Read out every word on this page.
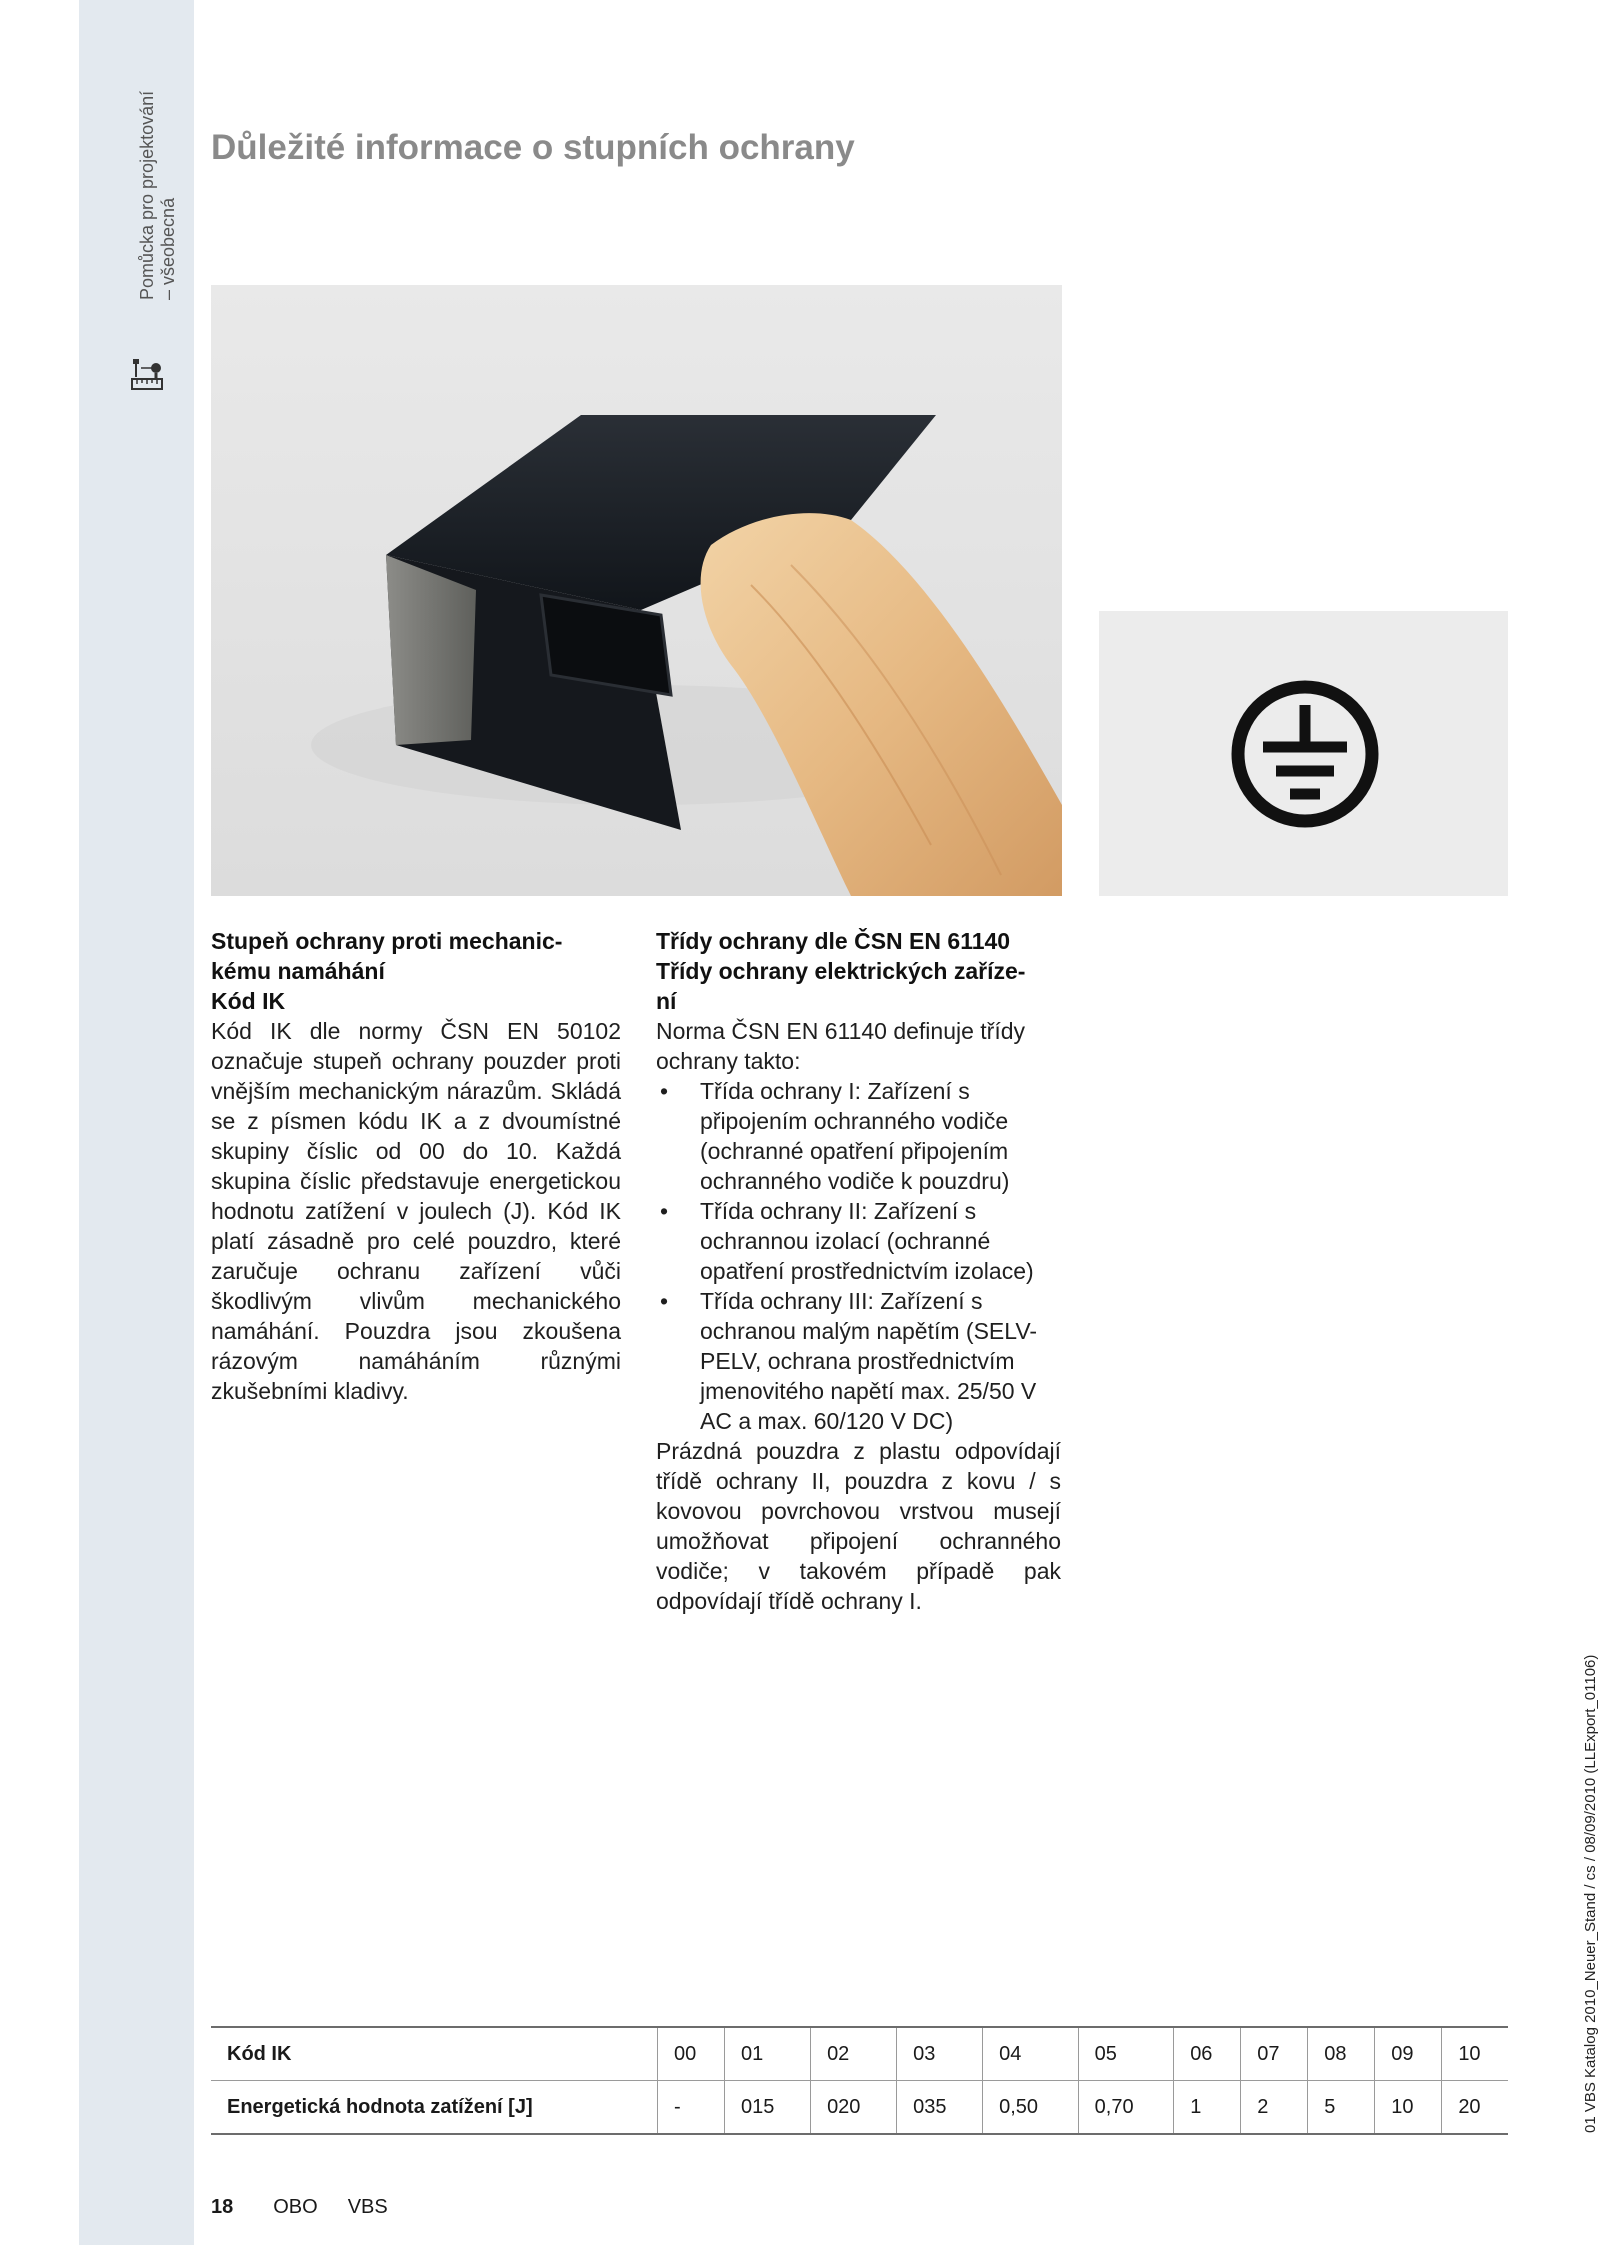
Pomůcka pro projektování – všeobecná
Důležité informace o stupních ochrany

Stupeň ochrany proti mechanic-
kému namáhání
Kód IK

Kód IK dle normy ČSN EN 50102 označuje stupeň ochrany pouzder proti vnějším mechanickým nárazům. Skládá se z písmen kódu IK a z dvoumístné skupiny číslic od 00 do 10. Každá skupina číslic představuje energetickou hodnotu zatížení v joulech (J). Kód IK platí zásadně pro celé pouzdro, které zaručuje ochranu zařízení vůči škodlivým vlivům mechanického namáhání. Pouzdra jsou zkoušena rázovým namáháním různými zkušebními kladivy.

Třídy ochrany dle ČSN EN 61140
Třídy ochrany elektrických zaříze-
ní

Norma ČSN EN 61140 definuje třídy ochrany takto:

• Třída ochrany I: Zařízení s připojením ochranného vodiče (ochranné opatření připojením ochranného vodiče k pouzdru)
• Třída ochrany II: Zařízení s ochrannou izolací (ochranné opatření prostřednictvím izolace)
• Třída ochrany III: Zařízení s ochranou malým napětím (SELV-PELV, ochrana prostřednictvím jmenovitého napětí max. 25/50 V AC a max. 60/120 V DC)

Prázdná pouzdra z plastu odpovídají třídě ochrany II, pouzdra z kovu / s kovovou povrchovou vrstvou musejí umožňovat připojení ochranného vodiče; v takovém případě pak odpovídají třídě ochrany I.

01 VBS Katalog 2010_Neuer_Stand / cs / 08/09/2010 (LLExport_01106)
Kód IK	00	01	02	03	04	05	06	07	08	09	10
Energetická hodnota zatížení [J]	-	015	020	035	0,50	0,70	1	2	5	10	20
18 OBO VBS
